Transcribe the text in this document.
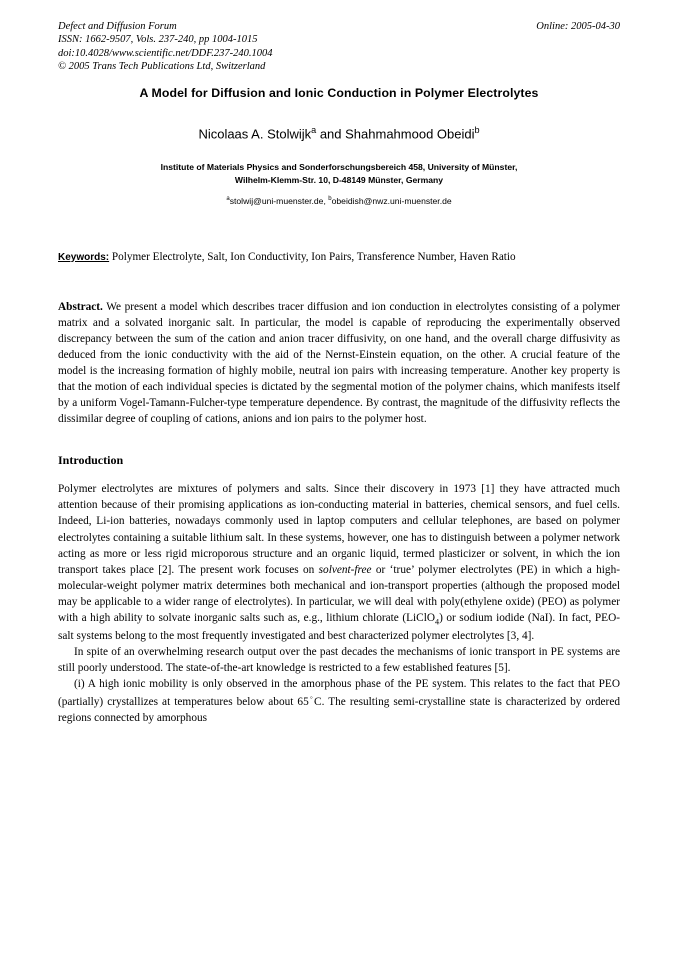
Defect and Diffusion Forum
ISSN: 1662-9507, Vols. 237-240, pp 1004-1015
doi:10.4028/www.scientific.net/DDF.237-240.1004
© 2005 Trans Tech Publications Ltd, Switzerland
Online: 2005-04-30
A Model for Diffusion and Ionic Conduction in Polymer Electrolytes
Nicolaas A. Stolwijk$^a$ and Shahmahmood Obeidi$^b$
Institute of Materials Physics and Sonderforschungsbereich 458, University of Münster,
Wilhelm-Klemm-Str. 10, D-48149 Münster, Germany
$^a$stolwij@uni-muenster.de, $^b$obeidish@nwz.uni-muenster.de
Keywords: Polymer Electrolyte, Salt, Ion Conductivity, Ion Pairs, Transference Number, Haven Ratio
Abstract. We present a model which describes tracer diffusion and ion conduction in electrolytes consisting of a polymer matrix and a solvated inorganic salt. In particular, the model is capable of reproducing the experimentally observed discrepancy between the sum of the cation and anion tracer diffusivity, on one hand, and the overall charge diffusivity as deduced from the ionic conductivity with the aid of the Nernst-Einstein equation, on the other. A crucial feature of the model is the increasing formation of highly mobile, neutral ion pairs with increasing temperature. Another key property is that the motion of each individual species is dictated by the segmental motion of the polymer chains, which manifests itself by a uniform Vogel-Tamann-Fulcher-type temperature dependence. By contrast, the magnitude of the diffusivity reflects the dissimilar degree of coupling of cations, anions and ion pairs to the polymer host.
Introduction
Polymer electrolytes are mixtures of polymers and salts. Since their discovery in 1973 [1] they have attracted much attention because of their promising applications as ion-conducting material in batteries, chemical sensors, and fuel cells. Indeed, Li-ion batteries, nowadays commonly used in laptop computers and cellular telephones, are based on polymer electrolytes containing a suitable lithium salt. In these systems, however, one has to distinguish between a polymer network acting as more or less rigid microporous structure and an organic liquid, termed plasticizer or solvent, in which the ion transport takes place [2]. The present work focuses on solvent-free or ‘true’ polymer electrolytes (PE) in which a high-molecular-weight polymer matrix determines both mechanical and ion-transport properties (although the proposed model may be applicable to a wider range of electrolytes). In particular, we will deal with poly(ethylene oxide) (PEO) as polymer with a high ability to solvate inorganic salts such as, e.g., lithium chlorate (LiClO$_4$) or sodium iodide (NaI). In fact, PEO-salt systems belong to the most frequently investigated and best characterized polymer electrolytes [3, 4].
In spite of an overwhelming research output over the past decades the mechanisms of ionic transport in PE systems are still poorly understood. The state-of-the-art knowledge is restricted to a few established features [5].
(i) A high ionic mobility is only observed in the amorphous phase of the PE system. This relates to the fact that PEO (partially) crystallizes at temperatures below about 65◦C. The resulting semi-crystalline state is characterized by ordered regions connected by amorphous
